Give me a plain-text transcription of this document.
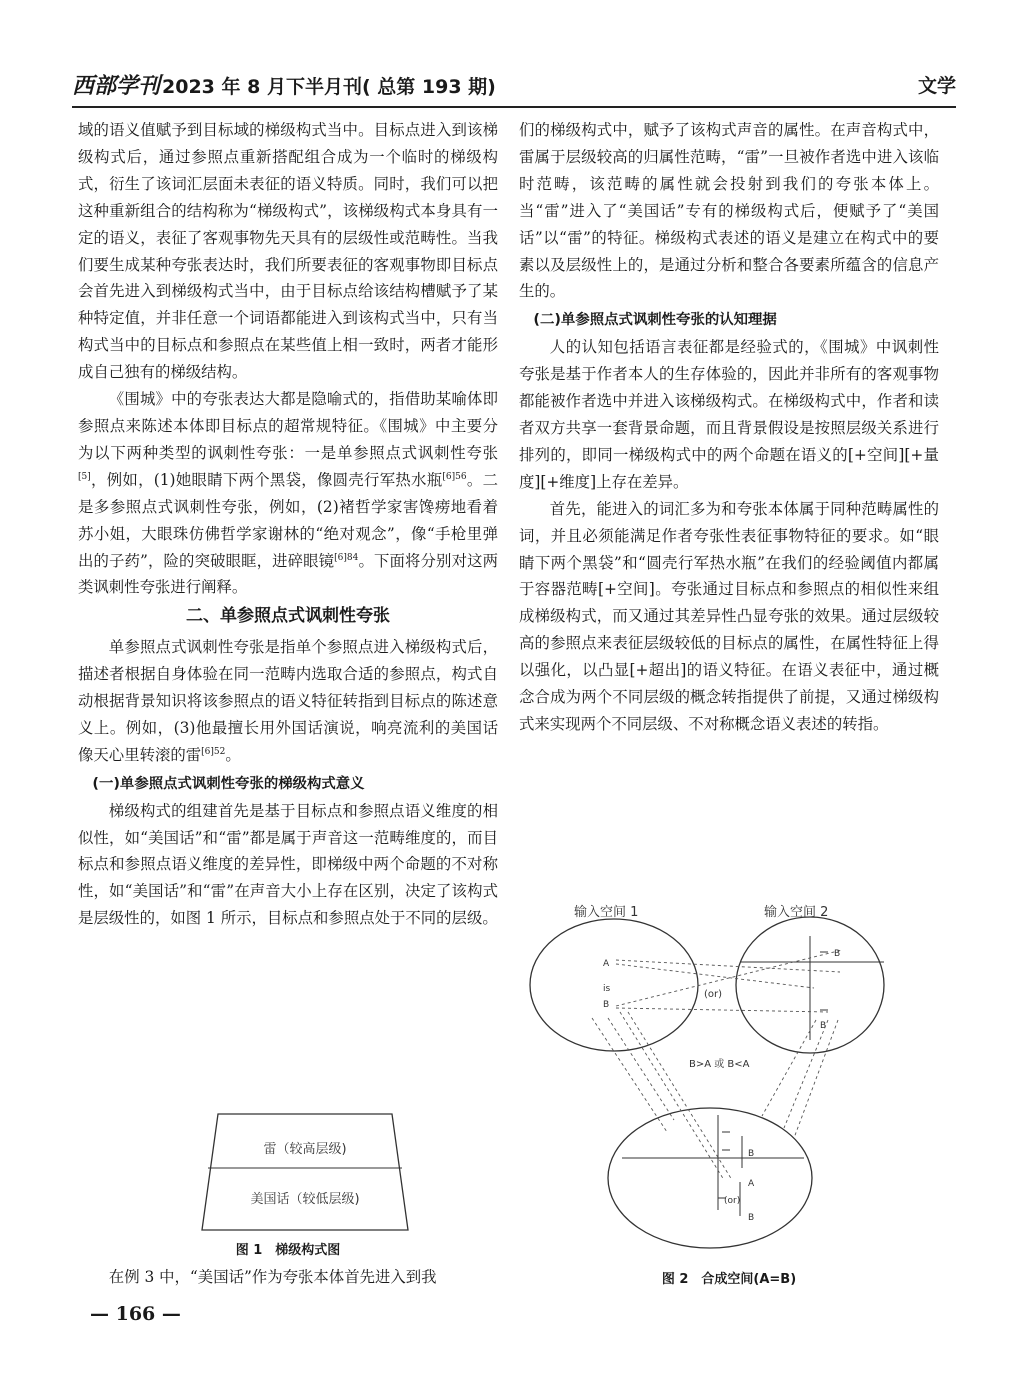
西部学刊 2023 年 8 月下半月刊( 总第 193 期)	文学

域的语义值赋予到目标域的梯级构式当中。目标点进入到该梯级构式后，通过参照点重新搭配组合成为一个临时的梯级构式，衍生了该词汇层面未表征的语义特质。同时，我们可以把这种重新组合的结构称为“梯级构式”，该梯级构式本身具有一定的语义，表征了客观事物先天具有的层级性或范畴性。当我们要生成某种夸张表达时，我们所要表征的客观事物即目标点会首先进入到梯级构式当中，由于目标点给该结构槽赋予了某种特定值，并非任意一个词语都能进入到该构式当中，只有当构式当中的目标点和参照点在某些值上相一致时，两者才能形成自己独有的梯级结构。

《围城》中的夸张表达大都是隐喻式的，指借助某喻体即参照点来陈述本体即目标点的超常规特征。《围城》中主要分为以下两种类型的讽刺性夸张：一是单参照点式讽刺性夸张[5]，例如，(1)她眼睛下两个黑袋，像圆壳行军热水瓶$^{[6]56}$。二是多参照点式讽刺性夸张，例如，(2)褚哲学家害馋痨地看着苏小姐，大眼珠仿佛哲学家谢林的“绝对观念”，像“手枪里弹出的子药”，险的突破眼眶，进碎眼镜$^{[6]84}$。下面将分别对这两类讽刺性夸张进行阐释。

二、单参照点式讽刺性夸张

单参照点式讽刺性夸张是指单个参照点进入梯级构式后，描述者根据自身体验在同一范畴内选取合适的参照点，构式自动根据背景知识将该参照点的语义特征转指到目标点的陈述意义上。例如，(3)他最擅长用外国话演说，响亮流利的美国话像天心里转滚的雷$^{[6]52}$。

(一)单参照点式讽刺性夸张的梯级构式意义

梯级构式的组建首先是基于目标点和参照点语义维度的相似性，如“美国话”和“雷”都是属于声音这一范畴维度的，而目标点和参照点语义维度的差异性，即梯级中两个命题的不对称性，如“美国话”和“雷”在声音大小上存在区别，决定了该构式是层级性的，如图 1 所示，目标点和参照点处于不同的层级。

雷（较高层级)
美国话（较低层级)
图 1　梯级构式图
在例 3 中，“美国话”作为夸张本体首先进入到我

们的梯级构式中，赋予了该构式声音的属性。在声音构式中，雷属于层级较高的归属性范畴，“雷”一旦被作者选中进入该临时范畴，该范畴的属性就会投射到我们的夸张本体上。当“雷”进入了“美国话”专有的梯级构式后，便赋予了“美国话”以“雷”的特征。梯级构式表述的语义是建立在构式中的要素以及层级性上的，是通过分析和整合各要素所蕴含的信息产生的。

(二)单参照点式讽刺性夸张的认知理据

人的认知包括语言表征都是经验式的，《围城》中讽刺性夸张是基于作者本人的生存体验的，因此并非所有的客观事物都能被作者选中并进入该梯级构式。在梯级构式中，作者和读者双方共享一套背景命题，而且背景假设是按照层级关系进行排列的，即同一梯级构式中的两个命题在语义的[+空间][+量度][+维度]上存在差异。

首先，能进入的词汇多为和夸张本体属于同种范畴属性的词，并且必须能满足作者夸张性表征事物特征的要求。如“眼睛下两个黑袋”和“圆壳行军热水瓶”在我们的经验阈值内都属于容器范畴[+空间]。夸张通过目标点和参照点的相似性来组成梯级构式，而又通过其差异性凸显夸张的效果。通过层级较高的参照点来表征层级较低的目标点的属性，在属性特征上得以强化，以凸显[+超出]的语义特征。在语义表征中，通过概念合成为两个不同层级的概念转指提供了前提，又通过梯级构式来实现两个不同层级、不对称概念语义表述的转指。

输入空间 1	输入空间 2
A
is
B
B
B
(or)
B>A 或 B<A
B
A
(or)
B
图 2　合成空间(A=B)
— 166 —
